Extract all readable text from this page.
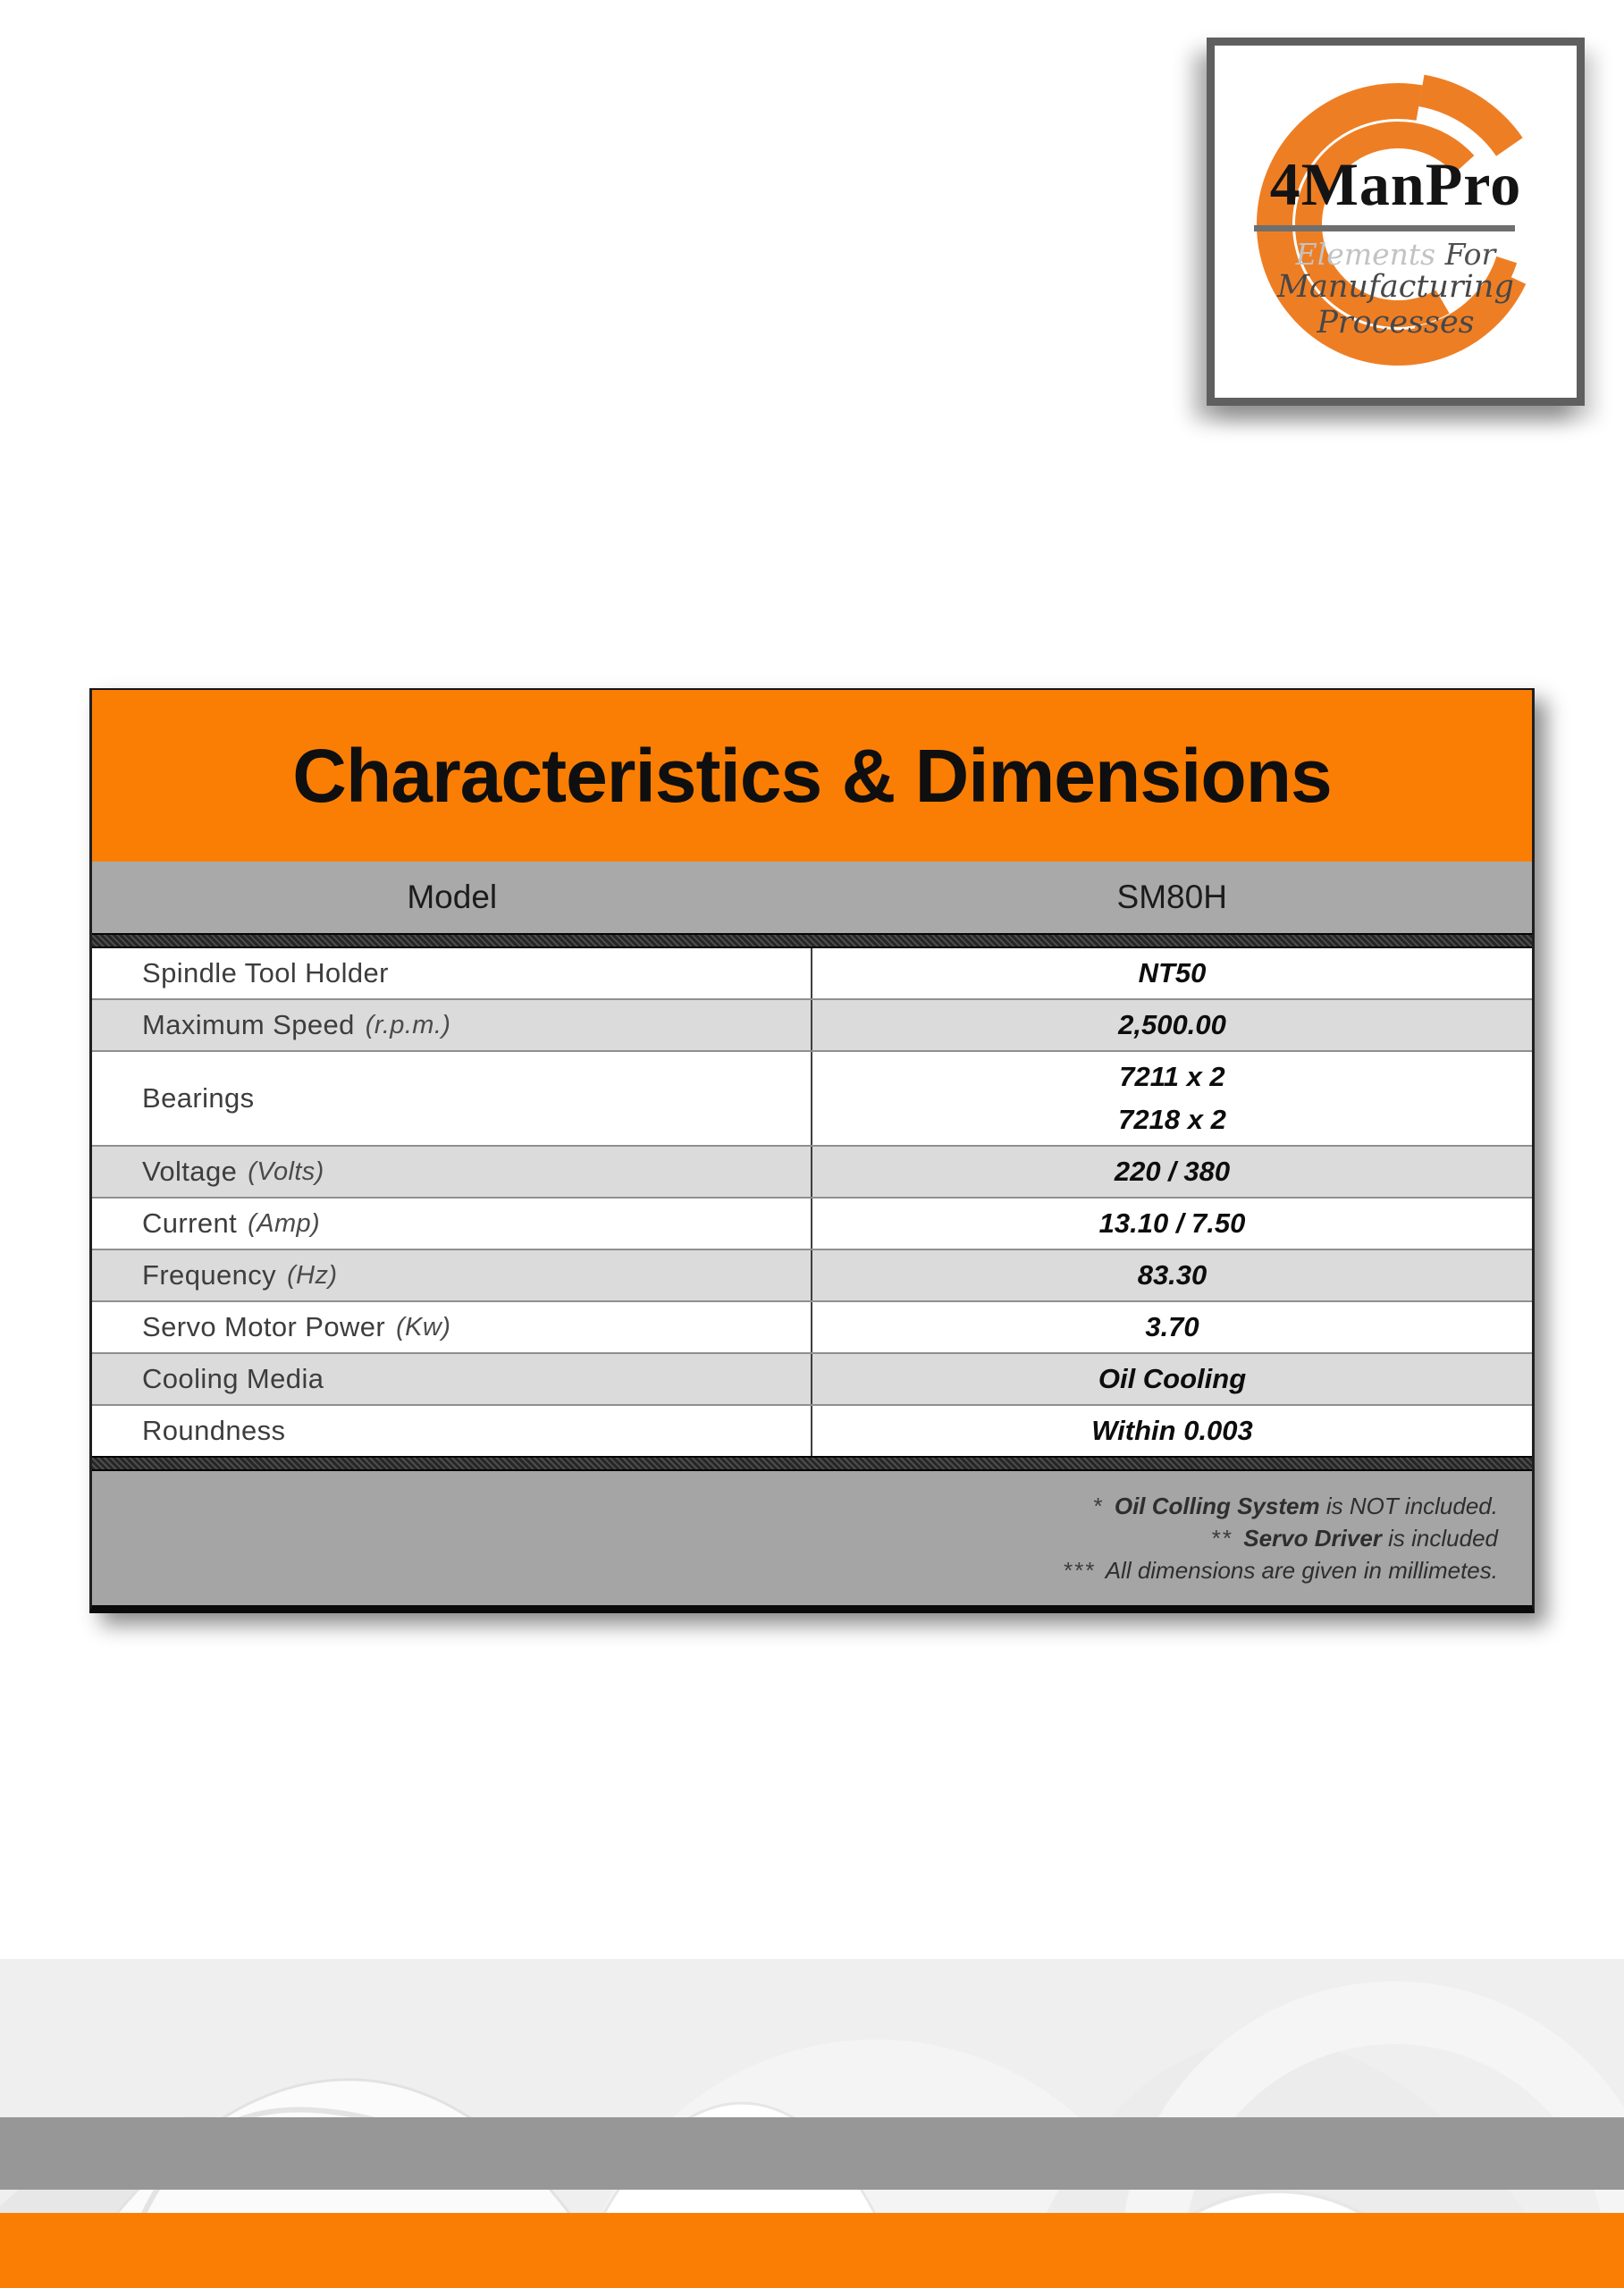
4ManPro
Elements For
Manufacturing Processes
Characteristics & Dimensions
Model	SM80H
Spindle Tool Holder	NT50
Maximum Speed (r.p.m.)	2,500.00
Bearings
7211 x 2
7218 x 2
Voltage (Volts)	220 / 380
Current (Amp)	13.10 / 7.50
Frequency (Hz)	83.30
Servo Motor Power (Kw)	3.70
Cooling Media	Oil Cooling
Roundness	Within 0.003
* Oil Colling System is NOT included.
** Servo Driver is included
*** All dimensions are given in millimetes.
